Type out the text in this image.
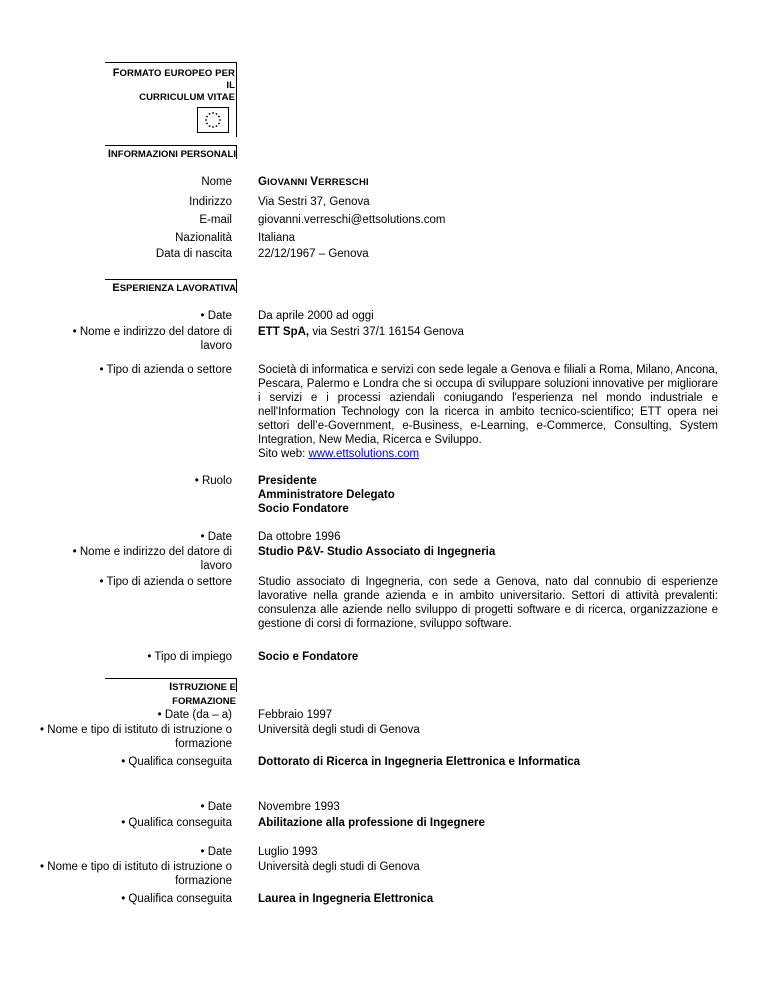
FORMATO EUROPEO PER IL
CURRICULUM VITAE
INFORMAZIONI PERSONALI
Nome GIOVANNI VERRESCHI
Indirizzo Via Sestri 37, Genova
E-mail giovanni.verreschi@ettsolutions.com
Nazionalità Italiana
Data di nascita 22/12/1967 – Genova
ESPERIENZA LAVORATIVA
• Date Da aprile 2000 ad oggi
• Nome e indirizzo del datore di lavoro
ETT SpA, via Sestri 37/1 16154 Genova
• Tipo di azienda o settore Società di informatica e servizi con sede legale a Genova e filiali a Roma, Milano, Ancona, Pescara, Palermo e Londra che si occupa di sviluppare soluzioni innovative per migliorare i servizi e i processi aziendali coniugando l'esperienza nel mondo industriale e nell'Information Technology con la ricerca in ambito tecnico-scientifico; ETT opera nei settori dell’e-Government, e-Business, e-Learning, e-Commerce, Consulting, System Integration, New Media, Ricerca e Sviluppo.
Sito web: www.ettsolutions.com
• Ruolo Presidente
Amministratore Delegato
Socio Fondatore
• Date Da ottobre 1996
• Nome e indirizzo del datore di lavoro
Studio P&V- Studio Associato di Ingegneria
• Tipo di azienda o settore Studio associato di Ingegneria, con sede a Genova, nato dal connubio di esperienze lavorative nella grande azienda e in ambito universitario. Settori di attività prevalenti: consulenza alle aziende nello sviluppo di progetti software e di ricerca, organizzazione e gestione di corsi di formazione, sviluppo software.
• Tipo di impiego Socio e Fondatore
ISTRUZIONE E FORMAZIONE
• Date (da – a) Febbraio 1997
• Nome e tipo di istituto di istruzione o formazione
Università degli studi di Genova
• Qualifica conseguita Dottorato di Ricerca in Ingegneria Elettronica e Informatica
• Date Novembre 1993
• Qualifica conseguita Abilitazione alla professione di Ingegnere
• Date Luglio 1993
• Nome e tipo di istituto di istruzione o formazione
Università degli studi di Genova
• Qualifica conseguita Laurea in Ingegneria Elettronica
